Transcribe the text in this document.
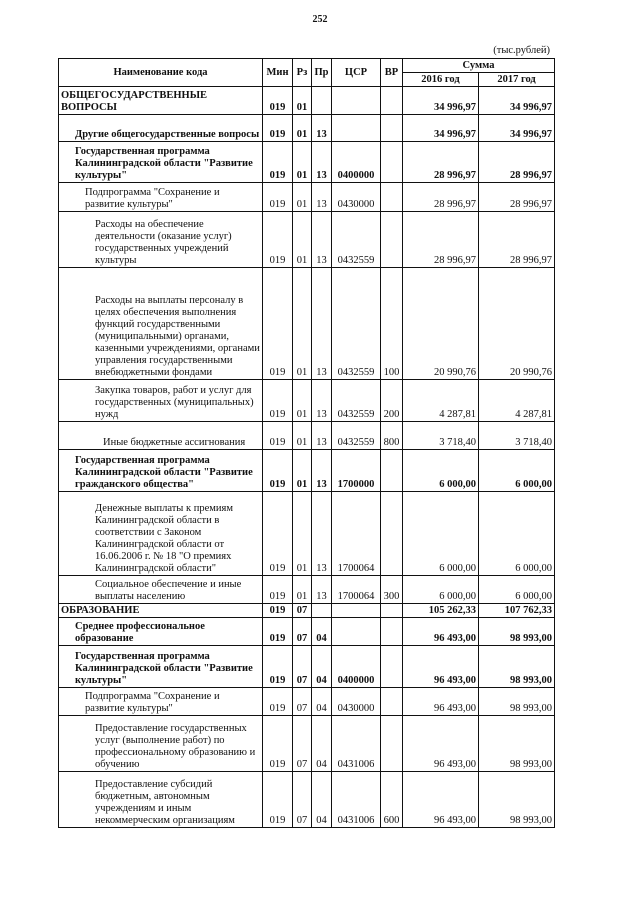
252
(тыс.рублей)
Наименование кода	Мин	Рз	Пр	ЦСР	ВР	Сумма	
						2016 год	2017 год
ОБЩЕГОСУДАРСТВЕННЫЕ ВОПРОСЫ	019	01				34 996,97	34 996,97
Другие общегосударственные вопросы	019	01	13			34 996,97	34 996,97
Государственная программа Калининградской области "Развитие культуры"	019	01	13	0400000		28 996,97	28 996,97
Подпрограмма "Сохранение и развитие культуры"	019	01	13	0430000		28 996,97	28 996,97
Расходы на обеспечение деятельности (оказание услуг) государственных учреждений культуры	019	01	13	0432559		28 996,97	28 996,97
Расходы на выплаты персоналу в целях обеспечения выполнения функций государственными (муниципальными) органами, казенными учреждениями, органами управления государственными внебюджетными фондами	019	01	13	0432559	100	20 990,76	20 990,76
Закупка товаров, работ и услуг для государственных (муниципальных) нужд	019	01	13	0432559	200	4 287,81	4 287,81
Иные бюджетные ассигнования	019	01	13	0432559	800	3 718,40	3 718,40
Государственная программа Калининградской области "Развитие гражданского общества"	019	01	13	1700000		6 000,00	6 000,00
Денежные выплаты к премиям Калининградской области в соответствии с Законом Калининградской области от 16.06.2006 г. № 18 "О премиях Калининградской области"	019	01	13	1700064		6 000,00	6 000,00
Социальное обеспечение и иные выплаты населению	019	01	13	1700064	300	6 000,00	6 000,00
ОБРАЗОВАНИЕ	019	07				105 262,33	107 762,33
Среднее профессиональное образование	019	07	04			96 493,00	98 993,00
Государственная программа Калининградской области "Развитие культуры"	019	07	04	0400000		96 493,00	98 993,00
Подпрограмма "Сохранение и развитие культуры"	019	07	04	0430000		96 493,00	98 993,00
Предоставление государственных услуг (выполнение работ) по профессиональному образованию и обучению	019	07	04	0431006		96 493,00	98 993,00
Предоставление субсидий бюджетным, автономным учреждениям и иным некоммерческим организациям	019	07	04	0431006	600	96 493,00	98 993,00
